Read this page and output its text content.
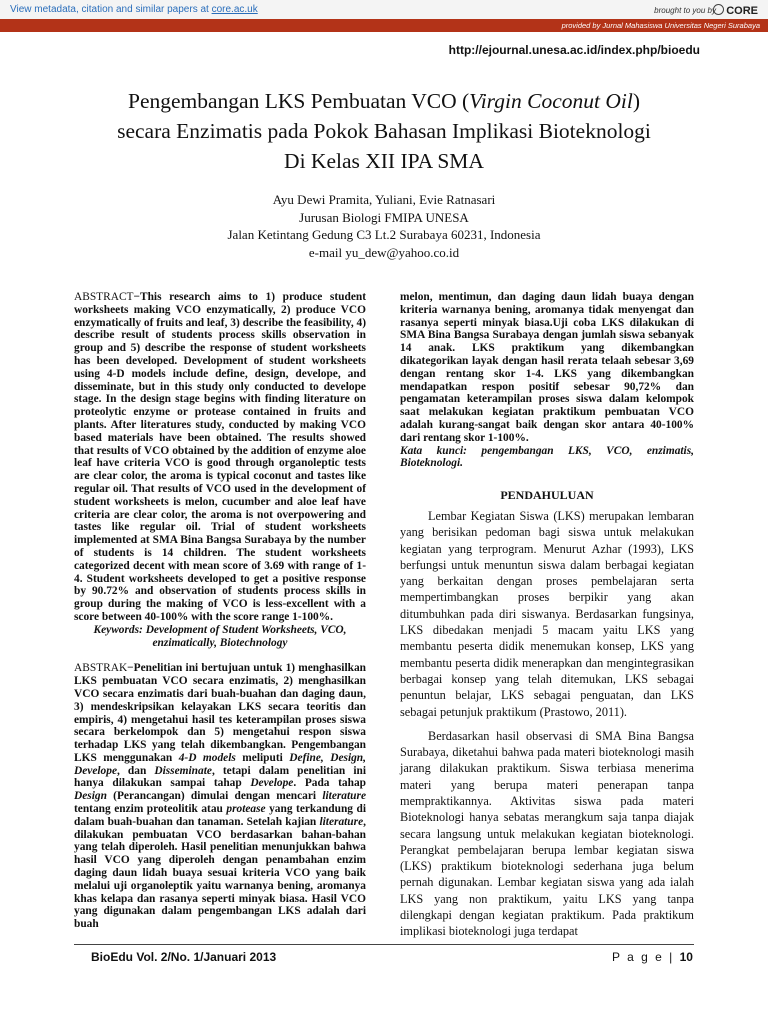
View metadata, citation and similar papers at core.ac.uk	brought to you by CORE
provided by Jurnal Mahasiswa Universitas Negeri Surabaya
http://ejournal.unesa.ac.id/index.php/bioedu
Pengembangan LKS Pembuatan VCO (Virgin Coconut Oil)
secara Enzimatis pada Pokok Bahasan Implikasi Bioteknologi
Di Kelas XII IPA SMA
Ayu Dewi Pramita, Yuliani, Evie Ratnasari
Jurusan Biologi FMIPA UNESA
Jalan Ketintang Gedung C3 Lt.2 Surabaya 60231, Indonesia
e-mail yu_dew@yahoo.co.id

ABSTRACT−This research aims to 1) produce student worksheets making VCO enzymatically, 2) produce VCO enzymatically of fruits and leaf, 3) describe the feasibility, 4) describe result of students process skills observation in group and 5) describe the response of student worksheets has been developed. Development of student worksheets using 4-D models include define, design, develope, and disseminate, but in this study only conducted to develope stage. In the design stage begins with finding literature on proteolytic enzyme or protease contained in fruits and plants. After literatures study, conducted by making VCO based materials have been obtained. The results showed that results of VCO obtained by the addition of enzyme aloe leaf have criteria VCO is good through organoleptic tests are clear color, the aroma is typical coconut and tastes like regular oil. That results of VCO used in the development of student worksheets is melon, cucumber and aloe leaf have criteria are clear color, the aroma is not overpowering and tastes like regular oil. Trial of student worksheets implemented at SMA Bina Bangsa Surabaya by the number of students is 14 children. The student worksheets categorized decent with mean score of 3.69 with range of 1-4. Student worksheets developed to get a positive response by 90.72% and observation of students process skills in group during the making of VCO is less-excellent with a score between 40-100% with the score range 1-100%.

Keywords: Development of Student Worksheets, VCO, enzimatically, Biotechnology

ABSTRAK−Penelitian ini bertujuan untuk 1) menghasilkan LKS pembuatan VCO secara enzimatis, 2) menghasilkan VCO secara enzimatis dari buah-buahan dan daging daun, 3) mendeskripsikan kelayakan LKS secara teoritis dan empiris, 4) mengetahui hasil tes keterampilan proses siswa secara berkelompok dan 5) mengetahui respon siswa terhadap LKS yang telah dikembangkan. Pengembangan LKS menggunakan 4-D models meliputi Define, Design, Develope, dan Disseminate, tetapi dalam penelitian ini hanya dilakukan sampai tahap Develope. Pada tahap Design (Perancangan) dimulai dengan mencari literature tentang enzim proteolitik atau protease yang terkandung di dalam buah-buahan dan tanaman. Setelah kajian literature, dilakukan pembuatan VCO berdasarkan bahan-bahan yang telah diperoleh. Hasil penelitian menunjukkan bahwa hasil VCO yang diperoleh dengan penambahan enzim daging daun lidah buaya sesuai kriteria VCO yang baik melalui uji organoleptik yaitu warnanya bening, aromanya khas kelapa dan rasanya seperti minyak biasa. Hasil VCO yang digunakan dalam pengembangan LKS adalah dari buah

melon, mentimun, dan daging daun lidah buaya dengan kriteria warnanya bening, aromanya tidak menyengat dan rasanya seperti minyak biasa.Uji coba LKS dilakukan di SMA Bina Bangsa Surabaya dengan jumlah siswa sebanyak 14 anak. LKS praktikum yang dikembangkan dikategorikan layak dengan hasil rerata telaah sebesar 3,69 dengan rentang skor 1-4. LKS yang dikembangkan mendapatkan respon positif sebesar 90,72% dan pengamatan keterampilan proses siswa dalam kelompok saat melakukan kegiatan praktikum pembuatan VCO adalah kurang-sangat baik dengan skor antara 40-100% dari rentang skor 1-100%.

Kata kunci: pengembangan LKS, VCO, enzimatis, Bioteknologi.

PENDAHULUAN

Lembar Kegiatan Siswa (LKS) merupakan lembaran yang berisikan pedoman bagi siswa untuk melakukan kegiatan yang terprogram. Menurut Azhar (1993), LKS berfungsi untuk menuntun siswa dalam berbagai kegiatan yang berkaitan dengan proses pembelajaran serta mempertimbangkan proses berpikir yang akan ditumbuhkan pada diri siswanya. Berdasarkan fungsinya, LKS dibedakan menjadi 5 macam yaitu LKS yang membantu peserta didik menemukan konsep, LKS yang membantu peserta didik menerapkan dan mengintegrasikan berbagai konsep yang telah ditemukan, LKS sebagai penuntun belajar, LKS sebagai penguatan, dan LKS sebagai petunjuk praktikum (Prastowo, 2011).

Berdasarkan hasil observasi di SMA Bina Bangsa Surabaya, diketahui bahwa pada materi bioteknologi masih jarang dilakukan praktikum. Siswa terbiasa menerima materi yang berupa materi penerapan tanpa mempraktikannya. Aktivitas siswa pada materi Bioteknologi hanya sebatas merangkum saja tanpa diajak secara langsung untuk melakukan kegiatan bioteknologi. Perangkat pembelajaran berupa lembar kegiatan siswa (LKS) praktikum bioteknologi sederhana juga belum pernah digunakan. Lembar kegiatan siswa yang ada ialah LKS yang non praktikum, yaitu LKS yang tanpa dilengkapi dengan kegiatan praktikum. Pada praktikum implikasi bioteknologi juga terdapat

BioEdu Vol. 2/No. 1/Januari 2013	P a g e | 10
